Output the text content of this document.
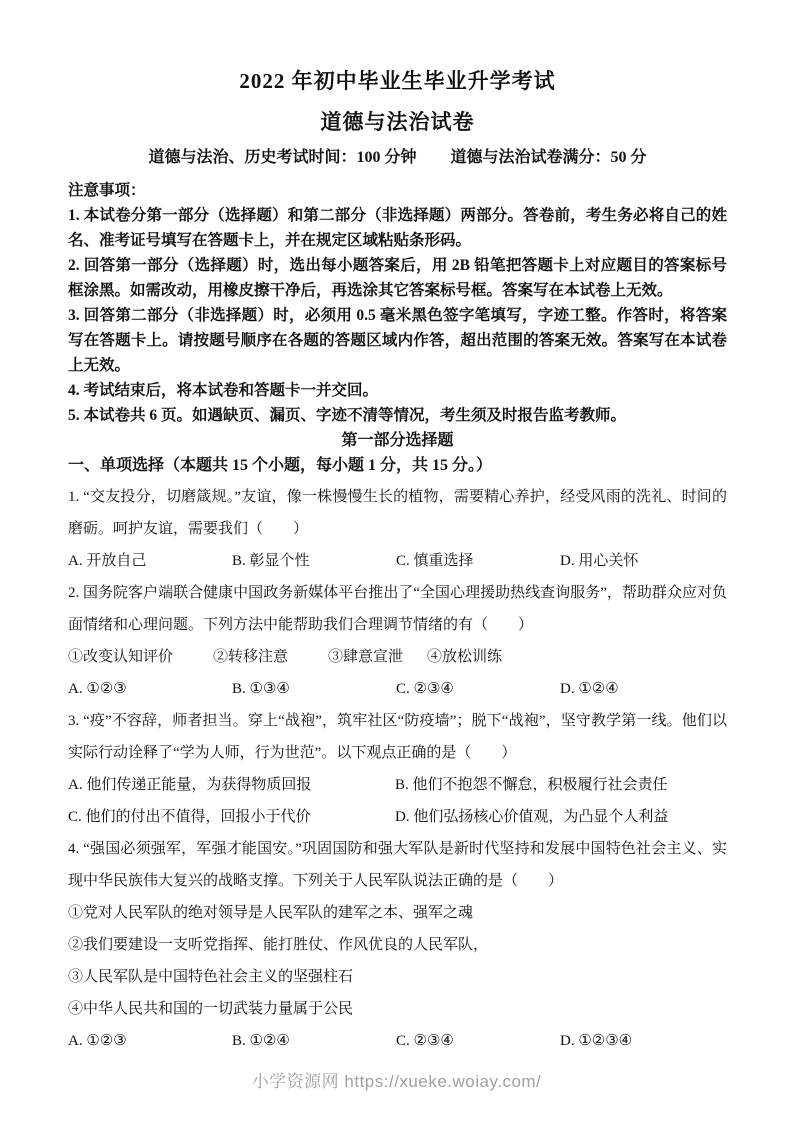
2022 年初中毕业生毕业升学考试
道德与法治试卷
道德与法治、历史考试时间：100 分钟 道德与法治试卷满分：50 分
注意事项：

1. 本试卷分第一部分（选择题）和第二部分（非选择题）两部分。答卷前，考生务必将自己的姓名、准考证号填写在答题卡上，并在规定区域粘贴条形码。

2. 回答第一部分（选择题）时，选出每小题答案后，用 2B 铅笔把答题卡上对应题目的答案标号框涂黑。如需改动，用橡皮擦干净后，再选涂其它答案标号框。答案写在本试卷上无效。

3. 回答第二部分（非选择题）时，必须用 0.5 毫米黑色签字笔填写，字迹工整。作答时，将答案写在答题卡上。请按题号顺序在各题的答题区域内作答，超出范围的答案无效。答案写在本试卷上无效。

4. 考试结束后，将本试卷和答题卡一并交回。

5. 本试卷共 6 页。如遇缺页、漏页、字迹不清等情况，考生须及时报告监考教师。

第一部分选择题
一、单项选择（本题共 15 个小题，每小题 1 分，共 15 分。）

1. “交友投分，切磨箴规。”友谊，像一株慢慢生长的植物，需要精心养护，经受风雨的洗礼、时间的磨砺。呵护友谊，需要我们（　　）

A. 开放自己	B. 彰显个性	C. 慎重选择	D. 用心关怀

2. 国务院客户端联合健康中国政务新媒体平台推出了“全国心理援助热线查询服务”，帮助群众应对负面情绪和心理问题。下列方法中能帮助我们合理调节情绪的有（　　）

①改变认知评价	②转移注意	③肆意宣泄 ④放松训练
A. ①②③	B. ①③④	C. ②③④	D. ①②④

3. “疫”不容辞，师者担当。穿上“战袍”，筑牢社区“防疫墙”；脱下“战袍”，坚守教学第一线。他们以实际行动诠释了“学为人师，行为世范”。以下观点正确的是（　　）

A. 他们传递正能量，为获得物质回报	B. 他们不抱怨不懈怠，积极履行社会责任
C. 他们的付出不值得，回报小于代价	D. 他们弘扬核心价值观，为凸显个人利益

4. “强国必须强军，军强才能国安。”巩固国防和强大军队是新时代坚持和发展中国特色社会主义、实现中华民族伟大复兴的战略支撑。下列关于人民军队说法正确的是（　　）

①党对人民军队的绝对领导是人民军队的建军之本、强军之魂

②我们要建设一支听党指挥、能打胜仗、作风优良的人民军队，

③人民军队是中国特色社会主义的坚强柱石

④中华人民共和国的一切武装力量属于公民

A. ①②③	B. ①②④	C. ②③④	D. ①②③④
小学资源网 https://xueke.woiay.com/
